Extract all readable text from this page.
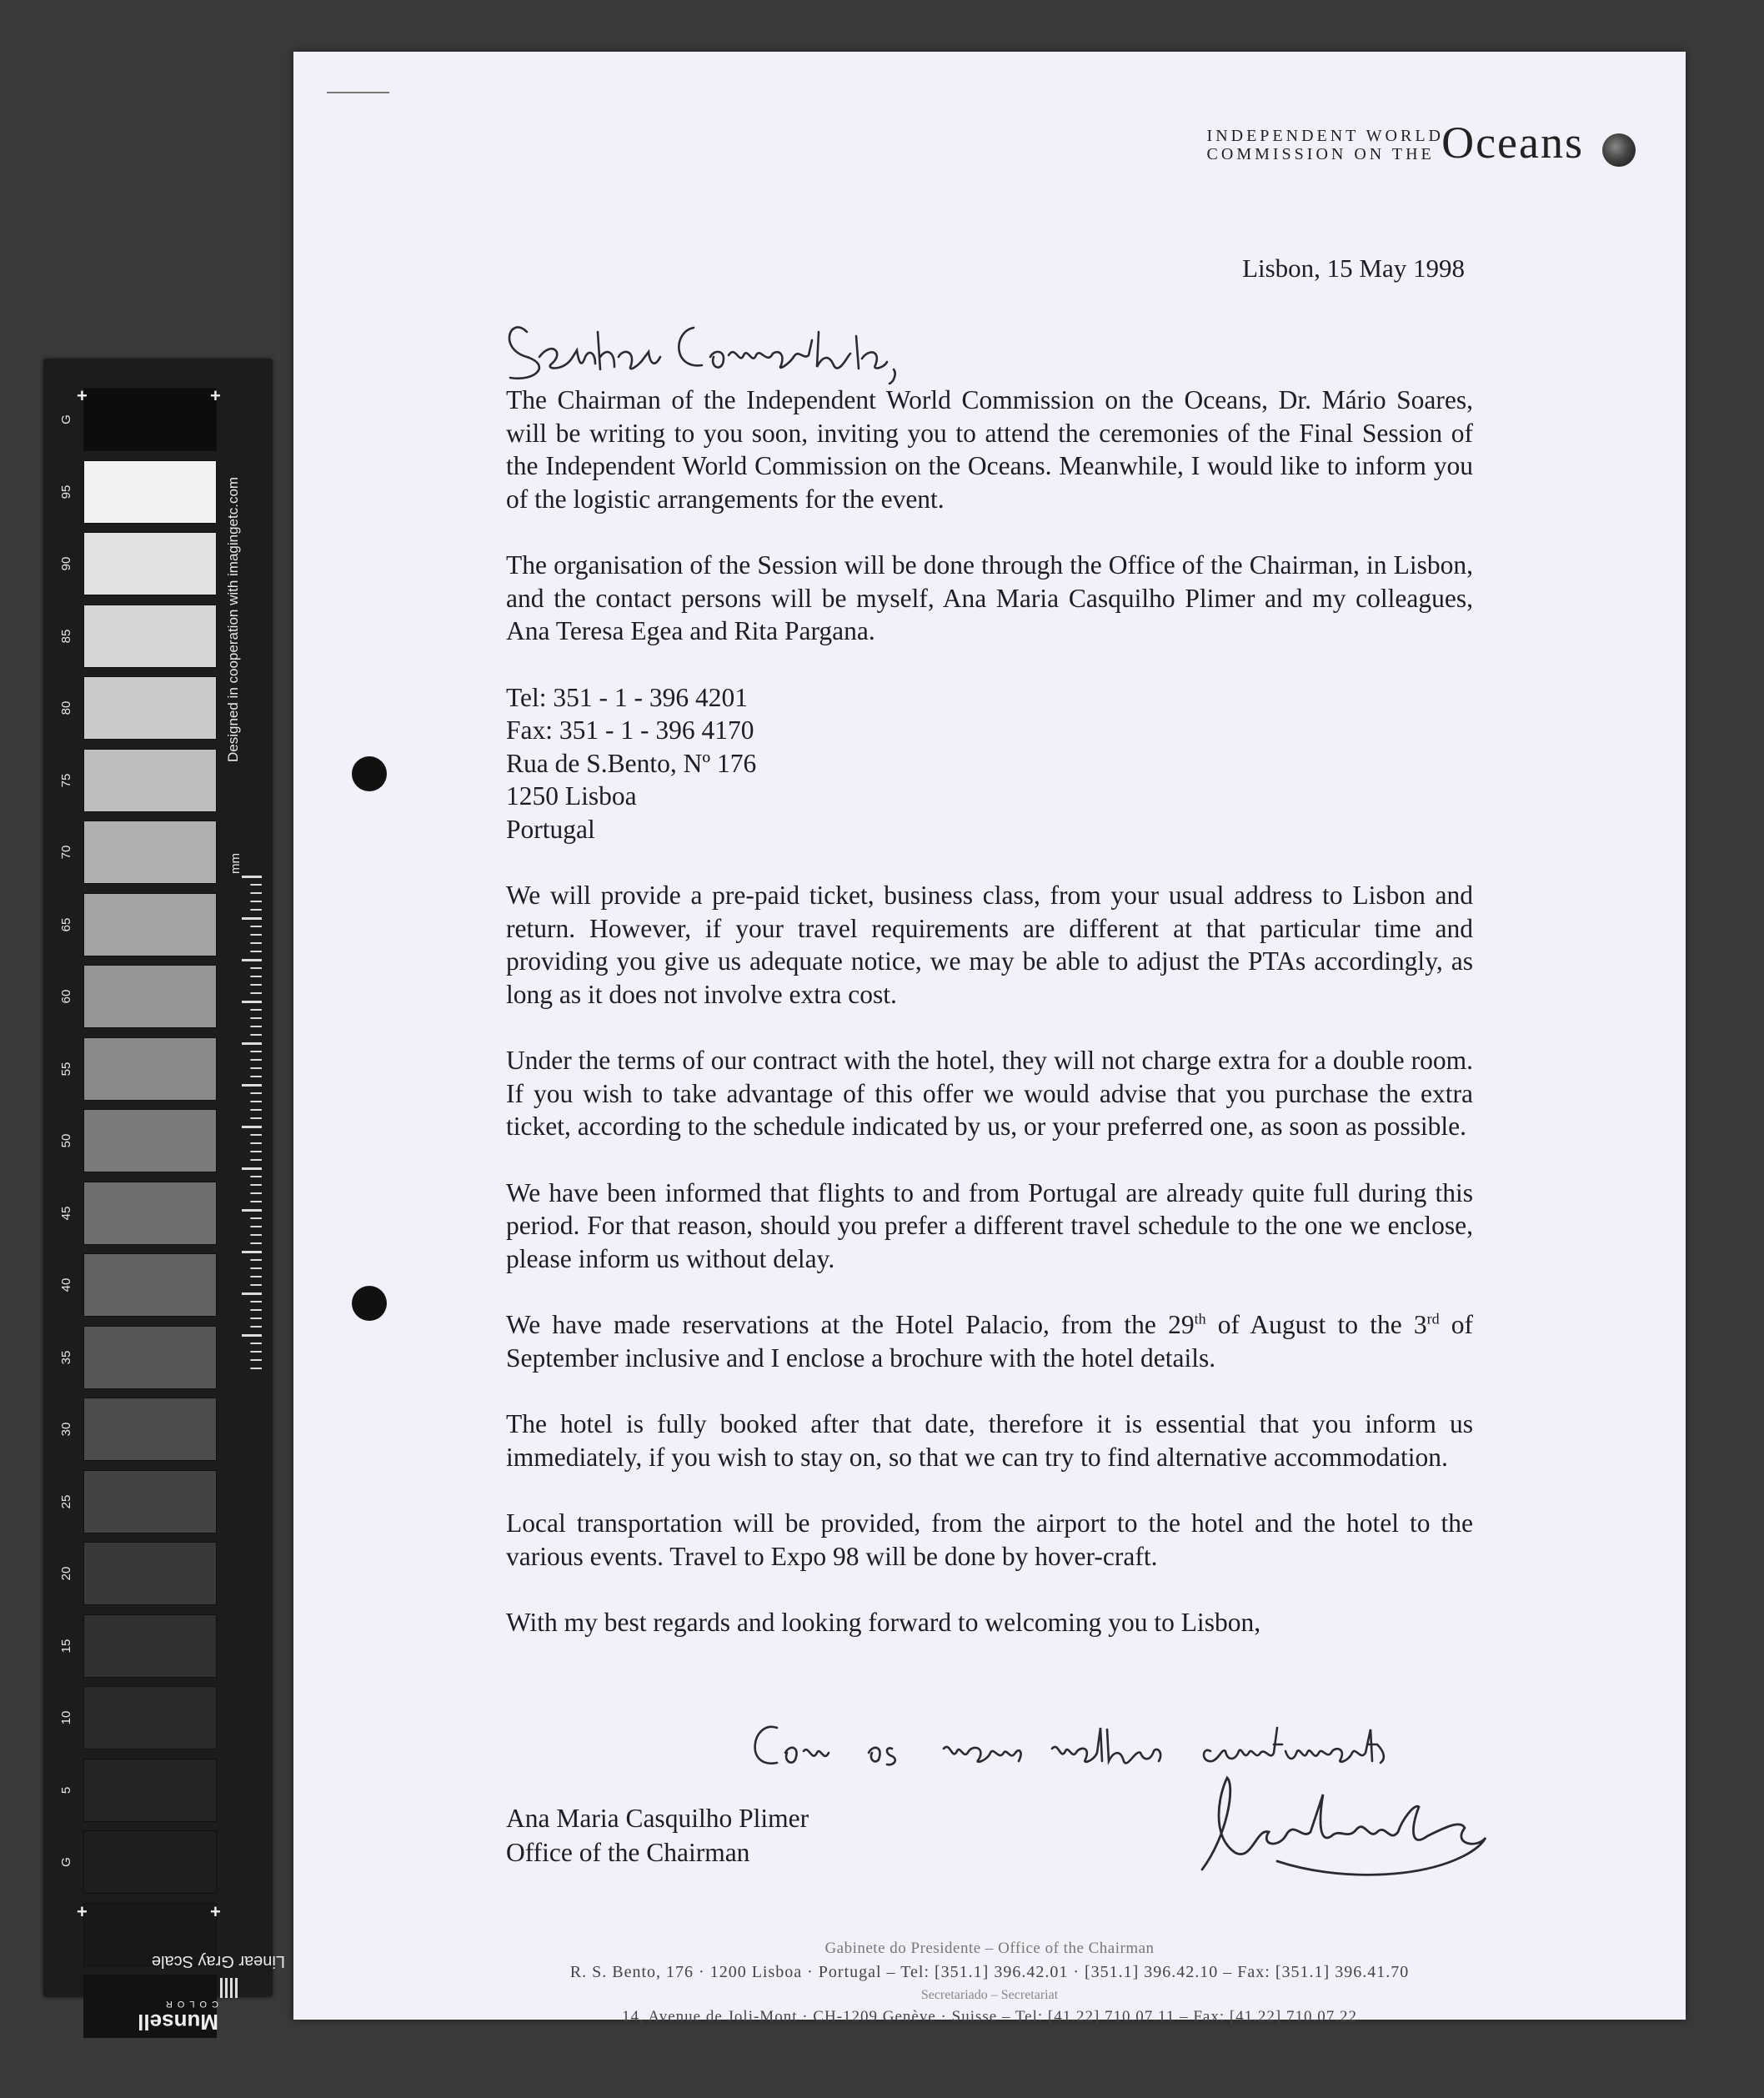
G
95
90
85
80
75
70
65
60
55
50
45
40
35
30
25
20
15
10
5
G
+	+
+	+
Designed in cooperation with imagingetc.com
mm
Linear Gray Scale
Munsell
COLOR
INDEPENDENT WORLD
COMMISSION ON THE Oceans
Lisbon, 15 May 1998

The Chairman of the Independent World Commission on the Oceans, Dr. Mário Soares, will be writing to you soon, inviting you to attend the ceremonies of the Final Session of the Independent World Commission on the Oceans. Meanwhile, I would like to inform you of the logistic arrangements for the event.

The organisation of the Session will be done through the Office of the Chairman, in Lisbon, and the contact persons will be myself, Ana Maria Casquilho Plimer and my colleagues, Ana Teresa Egea and Rita Pargana.

Tel: 351 - 1 - 396 4201
Fax: 351 - 1 - 396 4170
Rua de S.Bento, Nº 176
1250 Lisboa
Portugal

We will provide a pre-paid ticket, business class, from your usual address to Lisbon and return. However, if your travel requirements are different at that particular time and providing you give us adequate notice, we may be able to adjust the PTAs accordingly, as long as it does not involve extra cost.

Under the terms of our contract with the hotel, they will not charge extra for a double room. If you wish to take advantage of this offer we would advise that you purchase the extra ticket, according to the schedule indicated by us, or your preferred one, as soon as possible.

We have been informed that flights to and from Portugal are already quite full during this period. For that reason, should you prefer a different travel schedule to the one we enclose, please inform us without delay.

We have made reservations at the Hotel Palacio, from the 29th of August to the 3rd of September inclusive and I enclose a brochure with the hotel details.

The hotel is fully booked after that date, therefore it is essential that you inform us immediately, if you wish to stay on, so that we can try to find alternative accommodation.

Local transportation will be provided, from the airport to the hotel and the hotel to the various events. Travel to Expo 98 will be done by hover-craft.

With my best regards and looking forward to welcoming you to Lisbon,

Ana Maria Casquilho Plimer
Office of the Chairman
Gabinete do Presidente – Office of the Chairman
R. S. Bento, 176 · 1200 Lisboa · Portugal – Tel: [351.1] 396.42.01 · [351.1] 396.42.10 – Fax: [351.1] 396.41.70
Secretariado – Secretariat
14, Avenue de Joli-Mont · CH-1209 Genève · Suisse – Tel: [41.22] 710.07.11 – Fax: [41.22] 710.07.22
